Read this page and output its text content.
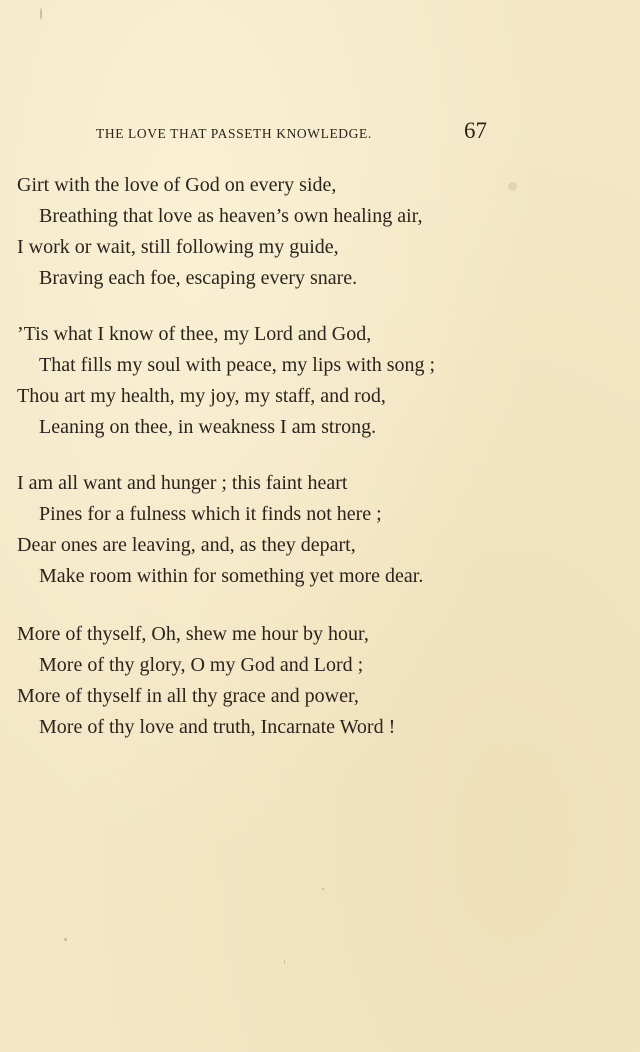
THE LOVE THAT PASSETH KNOWLEDGE.	67
Girt with the love of God on every side,
Breathing that love as heaven’s own healing air,
I work or wait, still following my guide,
Braving each foe, escaping every snare.
’Tis what I know of thee, my Lord and God,
That fills my soul with peace, my lips with song ;
Thou art my health, my joy, my staff, and rod,
Leaning on thee, in weakness I am strong.
I am all want and hunger ; this faint heart
Pines for a fulness which it finds not here ;
Dear ones are leaving, and, as they depart,
Make room within for something yet more dear.
More of thyself, Oh, shew me hour by hour,
More of thy glory, O my God and Lord ;
More of thyself in all thy grace and power,
More of thy love and truth, Incarnate Word !
